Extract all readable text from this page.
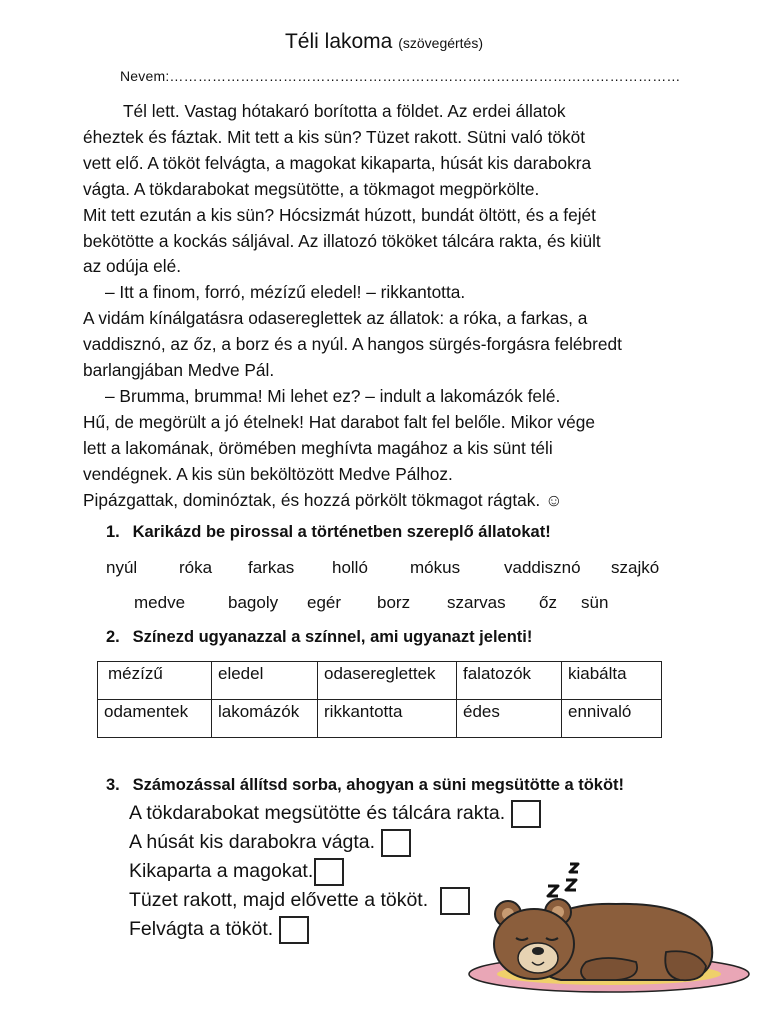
Téli lakoma (szövegértés)
Nevem:………………………………………………………………………………………………

Tél lett. Vastag hótakaró borította a földet. Az erdei állatok

éheztek és fáztak. Mit tett a kis sün? Tüzet rakott. Sütni való tököt

vett elő. A tököt felvágta, a magokat kikaparta, húsát kis darabokra

vágta. A tökdarabokat megsütötte, a tökmagot megpörkölte.

Mit tett ezután a kis sün? Hócsizmát húzott, bundát öltött, és a fejét

bekötötte a kockás sáljával. Az illatozó tököket tálcára rakta, és kiült

az odúja elé.

– Itt a finom, forró, mézízű eledel! – rikkantotta.

A vidám kínálgatásra odasereglettek az állatok: a róka, a farkas, a

vaddisznó, az őz, a borz és a nyúl. A hangos sürgés-forgásra felébredt

barlangjában Medve Pál.

– Brumma, brumma! Mi lehet ez? – indult a lakomázók felé.

Hű, de megörült a jó ételnek! Hat darabot falt fel belőle. Mikor vége

lett a lakomának, örömében meghívta magához a kis sünt téli

vendégnek. A kis sün beköltözött Medve Pálhoz.

Pipázgattak, dominóztak, és hozzá pörkölt tökmagot rágtak. ☺

1. Karikázd be pirossal a történetben szereplő állatokat!
nyúl róka farkas holló mókus	vaddisznó szajkó
medve	bagoly egér borz szarvas őz sün
2. Színezd ugyanazzal a színnel, ami ugyanazt jelenti!
mézízű	eledel	odasereglettek	falatozók	kiabálta
odamentek	lakomázók	rikkantotta	édes	ennivaló
3. Számozással állítsd sorba, ahogyan a süni megsütötte a tököt!
A tökdarabokat megsütötte és tálcára rakta.
A húsát kis darabokra vágta.
Kikaparta a magokat.
Tüzet rakott, majd elővette a tököt.
Felvágta a tököt.
